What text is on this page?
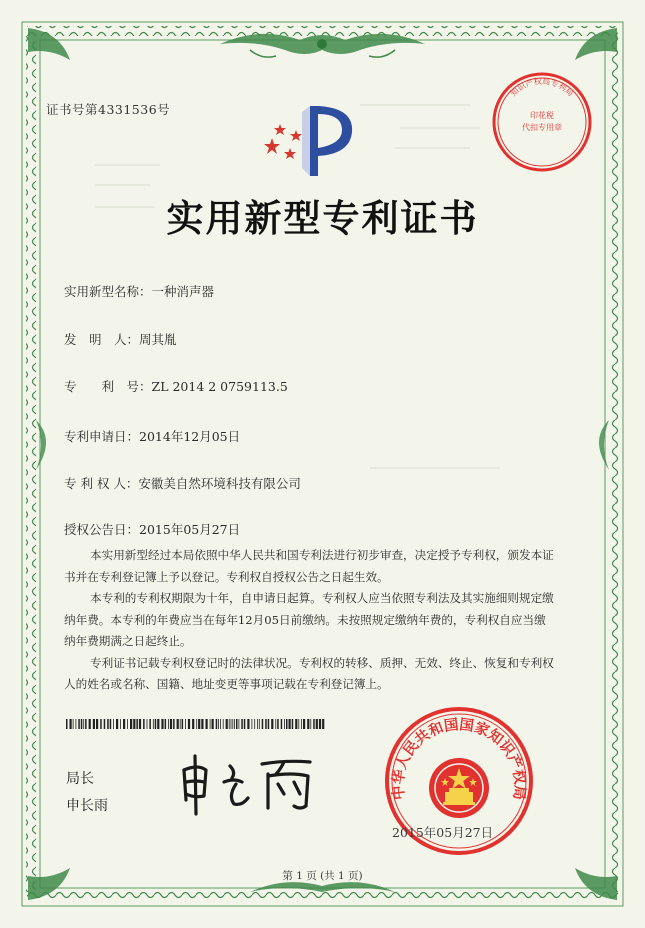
证书号第4331536号
知识产权局专利局
印花税
代扣专用章
实用新型专利证书
实用新型名称：一种消声器
发　明　人：周其胤
专　　利　号：ZL 2014 2 0759113.5
专利申请日：2014年12月05日
专 利 权 人：安徽美自然环境科技有限公司
授权公告日：2015年05月27日

本实用新型经过本局依照中华人民共和国专利法进行初步审查，决定授予专利权，颁发本证书并在专利登记簿上予以登记。专利权自授权公告之日起生效。

本专利的专利权期限为十年，自申请日起算。专利权人应当依照专利法及其实施细则规定缴纳年费。本专利的年费应当在每年12月05日前缴纳。未按照规定缴纳年费的，专利权自应当缴纳年费期满之日起终止。

专利证书记载专利权登记时的法律状况。专利权的转移、质押、无效、终止、恢复和专利权人的姓名或名称、国籍、地址变更等事项记载在专利登记簿上。

局长
申长雨
中华人民共和国国家知识产权局
2015年05月27日
第 1 页 (共 1 页)
